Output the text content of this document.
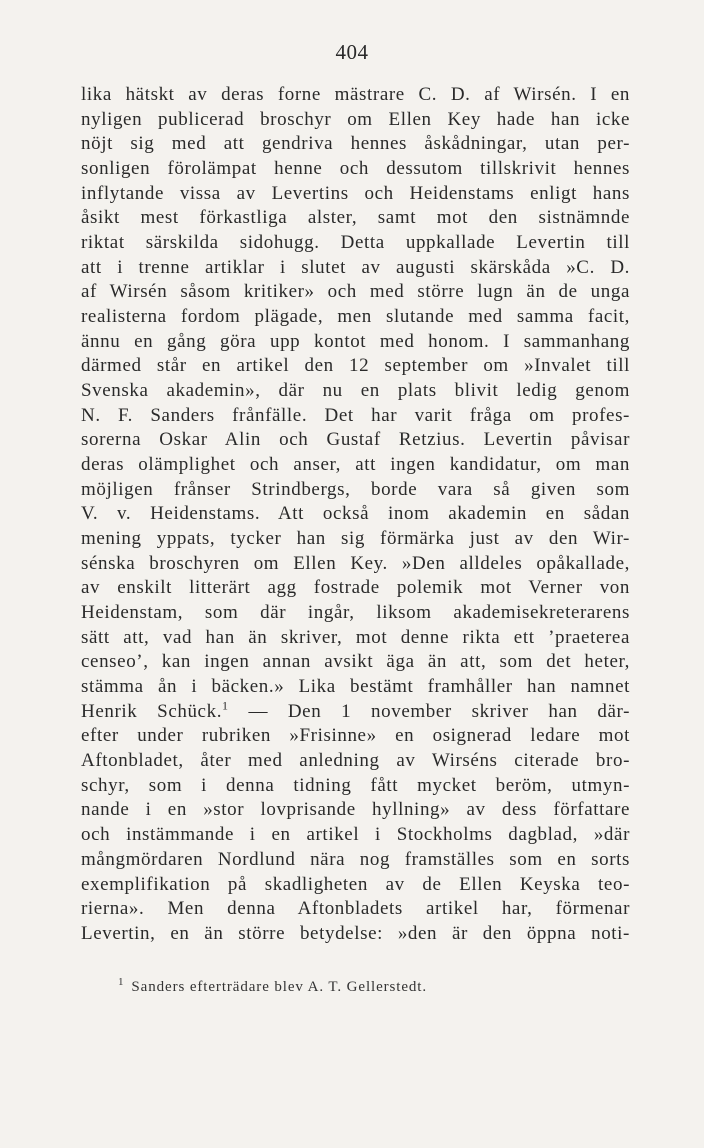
404
lika hätskt av deras forne mästrare C. D. af Wirsén. I en
nyligen publicerad broschyr om Ellen Key hade han icke
nöjt sig med att gendriva hennes åskådningar, utan per-
sonligen förolämpat henne och dessutom tillskrivit hennes
inflytande vissa av Levertins och Heidenstams enligt hans
åsikt mest förkastliga alster, samt mot den sistnämnde
riktat särskilda sidohugg. Detta uppkallade Levertin till
att i trenne artiklar i slutet av augusti skärskåda »C. D.
af Wirsén såsom kritiker» och med större lugn än de unga
realisterna fordom plägade, men slutande med samma facit,
ännu en gång göra upp kontot med honom. I sammanhang
därmed står en artikel den 12 september om »Invalet till
Svenska akademin», där nu en plats blivit ledig genom
N. F. Sanders frånfälle. Det har varit fråga om profes-
sorerna Oskar Alin och Gustaf Retzius. Levertin påvisar
deras olämplighet och anser, att ingen kandidatur, om man
möjligen frånser Strindbergs, borde vara så given som
V. v. Heidenstams. Att också inom akademin en sådan
mening yppats, tycker han sig förmärka just av den Wir-
sénska broschyren om Ellen Key. »Den alldeles opåkallade,
av enskilt litterärt agg fostrade polemik mot Verner von
Heidenstam, som där ingår, liksom akademisekreterarens
sätt att, vad han än skriver, mot denne rikta ett ’praeterea
censeo’, kan ingen annan avsikt äga än att, som det heter,
stämma ån i bäcken.» Lika bestämt framhåller han namnet
Henrik Schück.$^1$ — Den 1 november skriver han där-
efter under rubriken »Frisinne» en osignerad ledare mot
Aftonbladet, åter med anledning av Wirséns citerade bro-
schyr, som i denna tidning fått mycket beröm, utmyn-
nande i en »stor lovprisande hyllning» av dess författare
och instämmande i en artikel i Stockholms dagblad, »där
mångmördaren Nordlund nära nog framställes som en sorts
exemplifikation på skadligheten av de Ellen Keyska teo-
rierna». Men denna Aftonbladets artikel har, förmenar
Levertin, en än större betydelse: »den är den öppna noti-
$^1$ Sanders efterträdare blev A. T. Gellerstedt.
